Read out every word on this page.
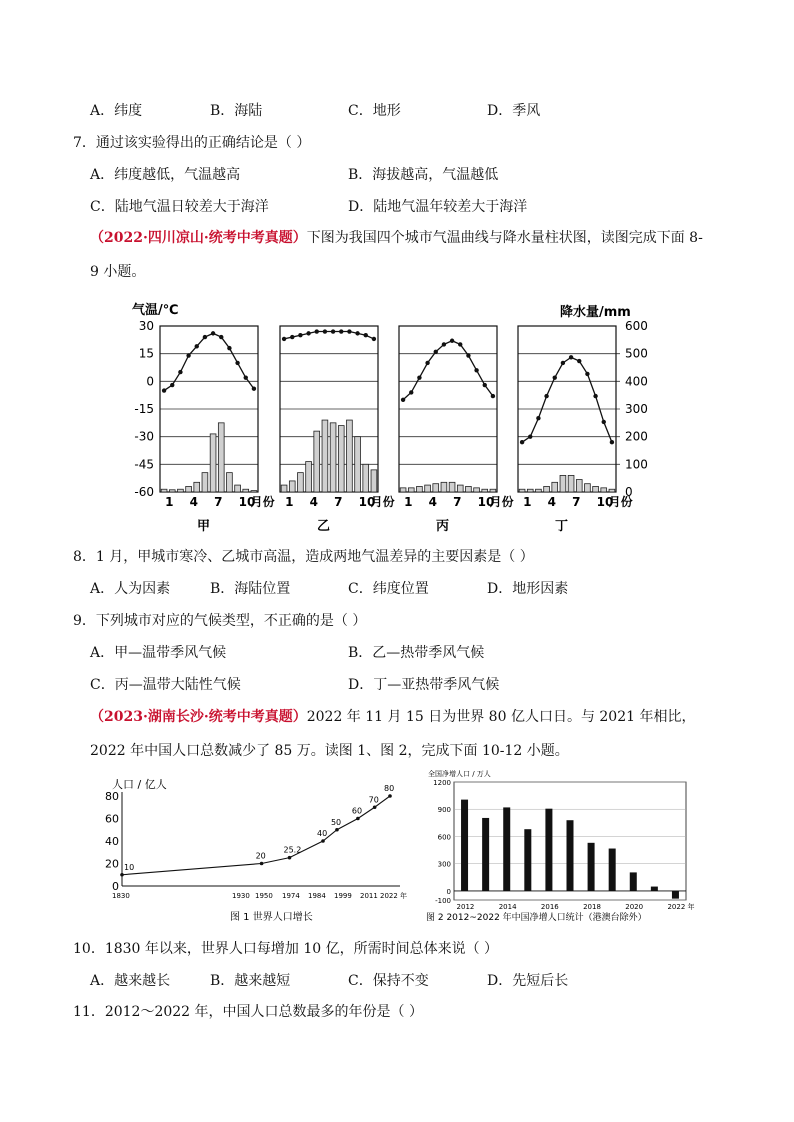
A．纬度	B．海陆	C．地形	D．季风
7．通过该实验得出的正确结论是（ ）
A．纬度越低，气温越高	B．海拔越高，气温越低
C．陆地气温日较差大于海洋	D．陆地气温年较差大于海洋
（2022·四川凉山·统考中考真题）下图为我国四个城市气温曲线与降水量柱状图，读图完成下面 8-9 小题。
气温/℃	降水量/mm
30
15
0
-15
-30
-45
-60
600
500
400
300
200
100
0
1 4 7 10
月份
甲
1 4 7 10
月份
乙
1 4 7 10
月份
丙
1 4 7 10
月份
丁
8．1 月，甲城市寒冷、乙城市高温，造成两地气温差异的主要因素是（ ）
A．人为因素	B．海陆位置	C．纬度位置	D．地形因素
9．下列城市对应的气候类型，不正确的是（ ）
A．甲—温带季风气候	B．乙—热带季风气候
C．丙—温带大陆性气候	D．丁—亚热带季风气候
（2023·湖南长沙·统考中考真题）2022 年 11 月 15 日为世界 80 亿人口日。与 2021 年相比，2022 年中国人口总数减少了 85 万。读图 1、图 2，完成下面 10-12 小题。
人口 / 亿人
图 1 世界人口增长
0
20
40
60
80
10
20
25.2
40
50
60
70
80
1830	1930 1950 1974 1984 1999 2011 2022 年
全国净增人口 / 万人
图 2 2012~2022 年中国净增人口统计（港澳台除外）
1200
900
600
300
0
-100
2012	2014	2016	2018	2020	2022 年
10．1830 年以来，世界人口每增加 10 亿，所需时间总体来说（ ）
A．越来越长	B．越来越短	C．保持不变	D．先短后长
11．2012～2022 年，中国人口总数最多的年份是（ ）
